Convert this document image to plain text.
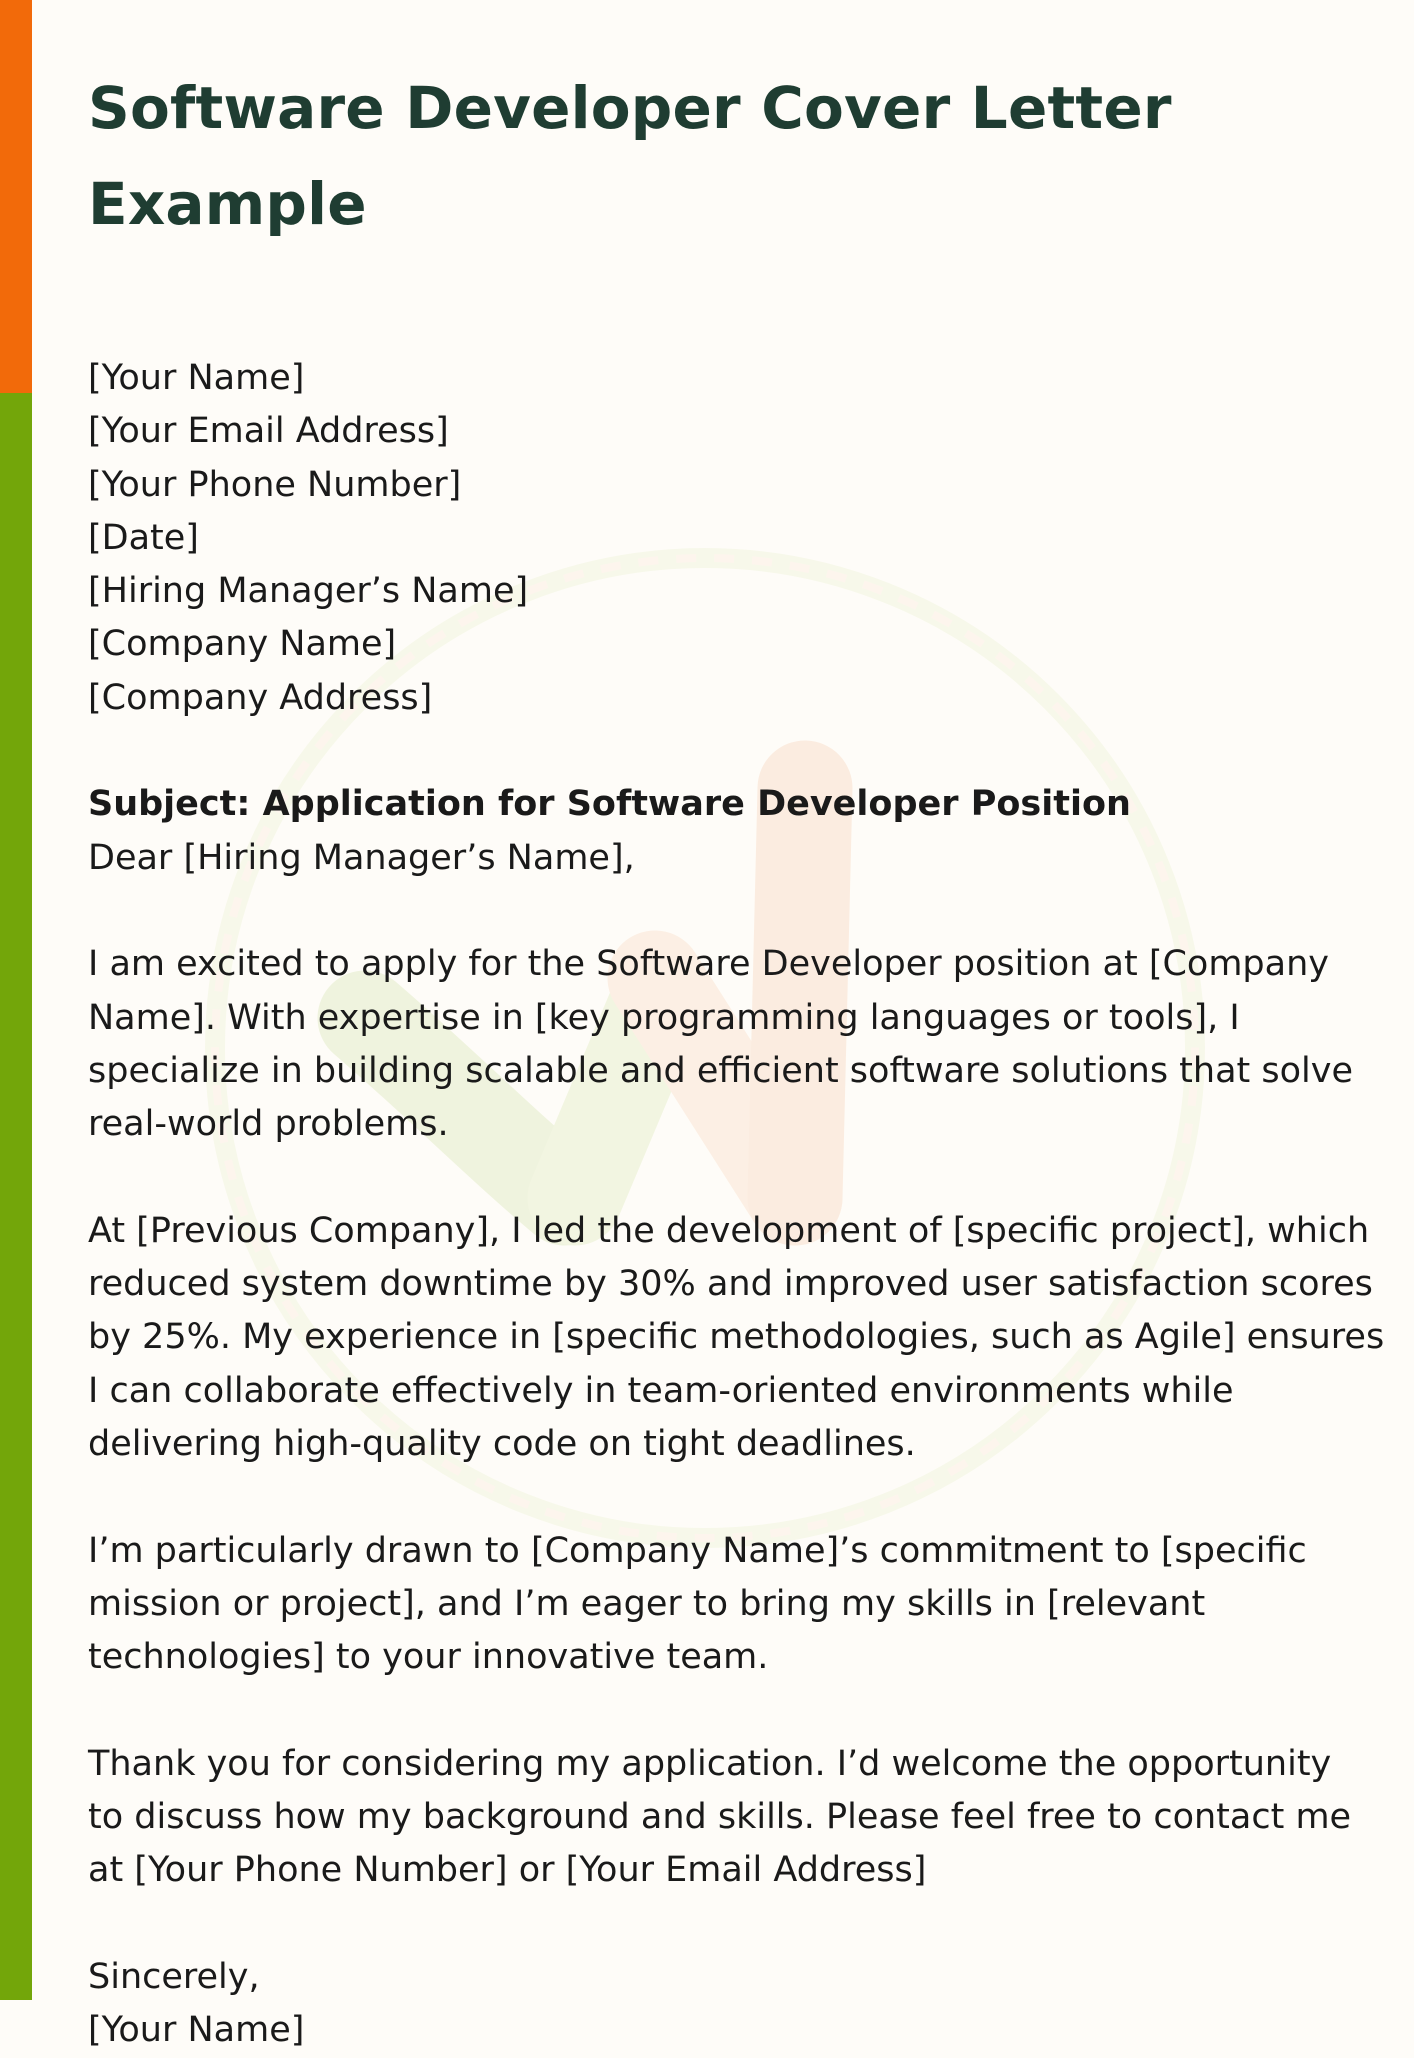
Software Developer Cover Letter Example
[Your Name]
[Your Email Address]
[Your Phone Number]
[Date]
[Hiring Manager’s Name]
[Company Name]
[Company Address]
Subject: Application for Software Developer Position
Dear [Hiring Manager’s Name],
I am excited to apply for the Software Developer position at [Company
Name]. With expertise in [key programming languages or tools], I
specialize in building scalable and efficient software solutions that solve
real-world problems.
At [Previous Company], I led the development of [specific project], which
reduced system downtime by 30% and improved user satisfaction scores
by 25%. My experience in [specific methodologies, such as Agile] ensures
I can collaborate effectively in team-oriented environments while
delivering high-quality code on tight deadlines.
I’m particularly drawn to [Company Name]’s commitment to [specific
mission or project], and I’m eager to bring my skills in [relevant
technologies] to your innovative team.
Thank you for considering my application. I’d welcome the opportunity
to discuss how my background and skills. Please feel free to contact me
at [Your Phone Number] or [Your Email Address]
Sincerely,
[Your Name]
